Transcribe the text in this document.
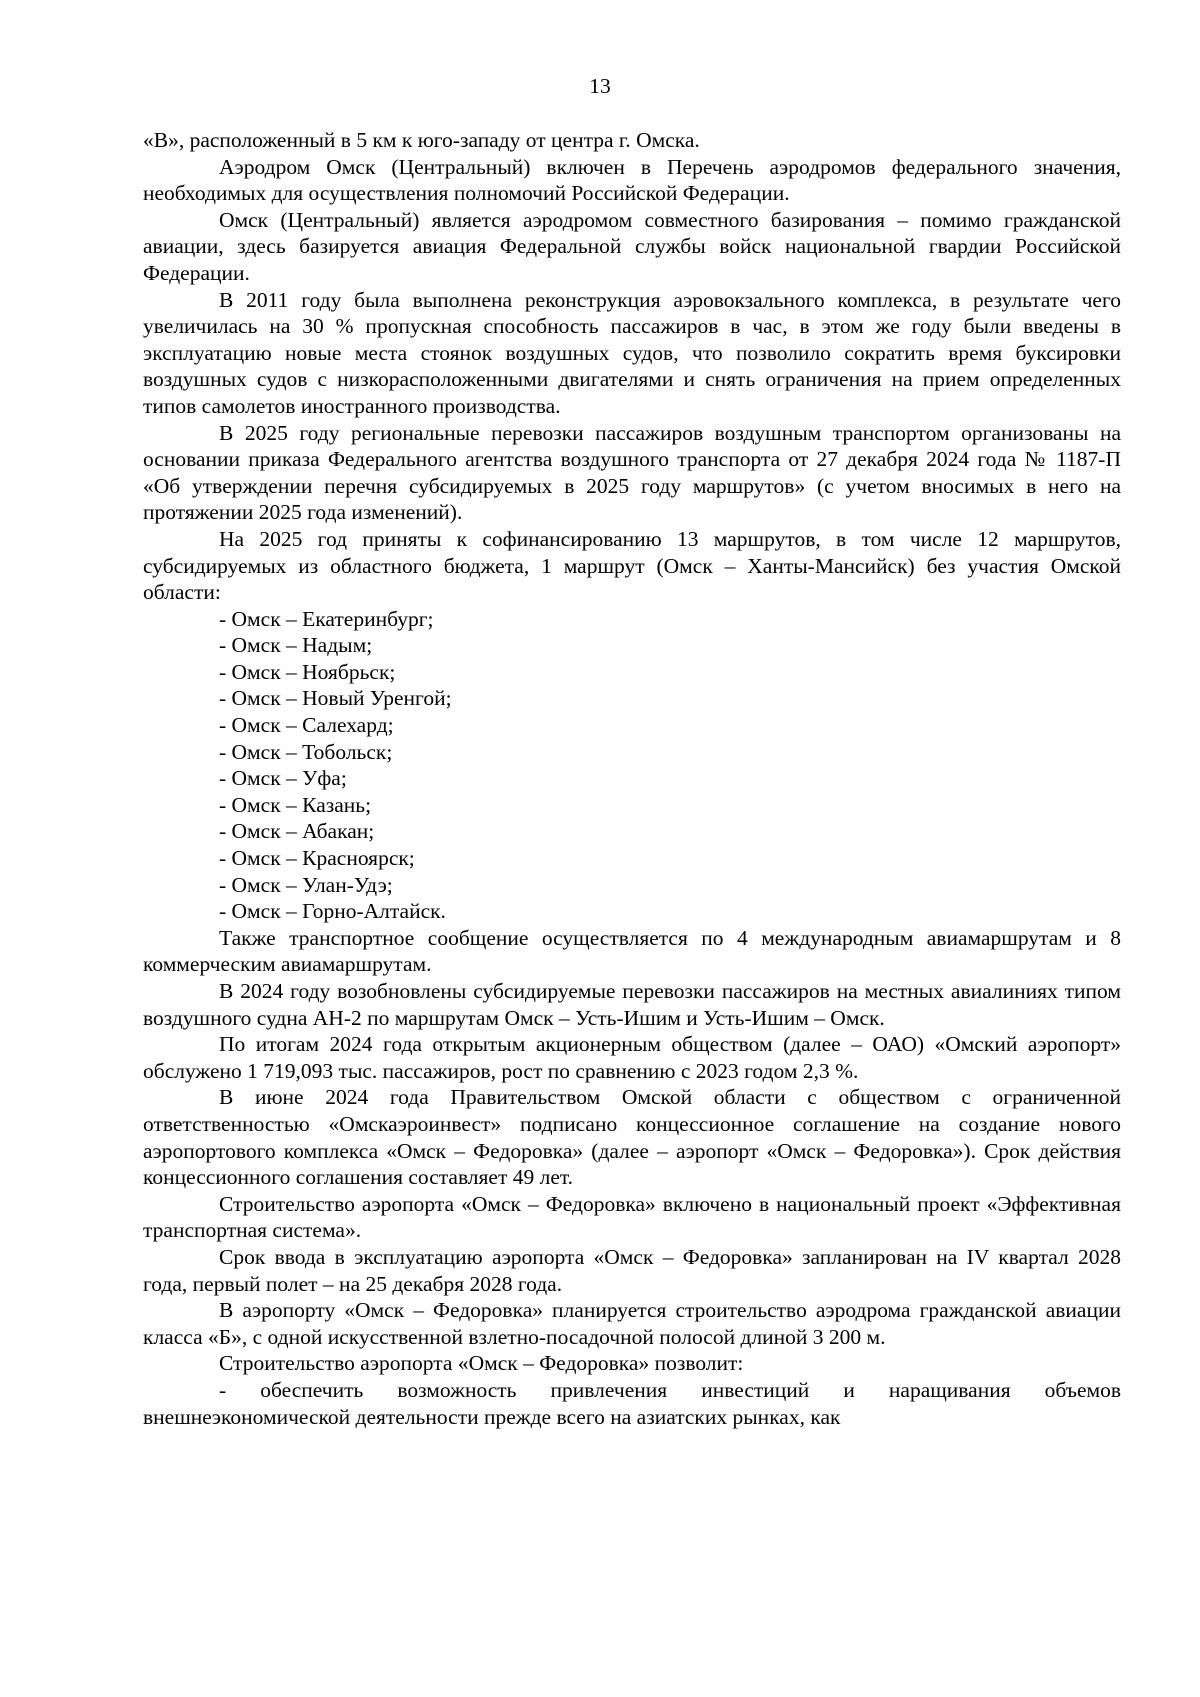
13

«В», расположенный в 5 км к юго-западу от центра г. Омска.

Аэродром Омск (Центральный) включен в Перечень аэродромов федерального значения, необходимых для осуществления полномочий Российской Федерации.

Омск (Центральный) является аэродромом совместного базирования – помимо гражданской авиации, здесь базируется авиация Федеральной службы войск национальной гвардии Российской Федерации.

В 2011 году была выполнена реконструкция аэровокзального комплекса, в результате чего увеличилась на 30 % пропускная способность пассажиров в час, в этом же году были введены в эксплуатацию новые места стоянок воздушных судов, что позволило сократить время буксировки воздушных судов с низкорасположенными двигателями и снять ограничения на прием определенных типов самолетов иностранного производства.

В 2025 году региональные перевозки пассажиров воздушным транспортом организованы на основании приказа Федерального агентства воздушного транспорта от 27 декабря 2024 года № 1187-П «Об утверждении перечня субсидируемых в 2025 году маршрутов» (с учетом вносимых в него на протяжении 2025 года изменений).

На 2025 год приняты к софинансированию 13 маршрутов, в том числе 12 маршрутов, субсидируемых из областного бюджета, 1 маршрут (Омск – Ханты-Мансийск) без участия Омской области:

- Омск – Екатеринбург;
- Омск – Надым;
- Омск – Ноябрьск;
- Омск – Новый Уренгой;
- Омск – Салехард;
- Омск – Тобольск;
- Омск – Уфа;
- Омск – Казань;
- Омск – Абакан;
- Омск – Красноярск;
- Омск – Улан-Удэ;
- Омск – Горно-Алтайск.

Также транспортное сообщение осуществляется по 4 международным авиамаршрутам и 8 коммерческим авиамаршрутам.

В 2024 году возобновлены субсидируемые перевозки пассажиров на местных авиалиниях типом воздушного судна АН-2 по маршрутам Омск – Усть-Ишим и Усть-Ишим – Омск.

По итогам 2024 года открытым акционерным обществом (далее – ОАО) «Омский аэропорт» обслужено 1 719,093 тыс. пассажиров, рост по сравнению с 2023 годом 2,3 %.

В июне 2024 года Правительством Омской области с обществом с ограниченной ответственностью «Омскаэроинвест» подписано концессионное соглашение на создание нового аэропортового комплекса «Омск – Федоровка» (далее – аэропорт «Омск – Федоровка»). Срок действия концессионного соглашения составляет 49 лет.

Строительство аэропорта «Омск – Федоровка» включено в национальный проект «Эффективная транспортная система».

Срок ввода в эксплуатацию аэропорта «Омск – Федоровка» запланирован на IV квартал 2028 года, первый полет – на 25 декабря 2028 года.

В аэропорту «Омск – Федоровка» планируется строительство аэродрома гражданской авиации класса «Б», с одной искусственной взлетно-посадочной полосой длиной 3 200 м.

Строительство аэропорта «Омск – Федоровка» позволит:

- обеспечить возможность привлечения инвестиций и наращивания объемов внешнеэкономической деятельности прежде всего на азиатских рынках, как
